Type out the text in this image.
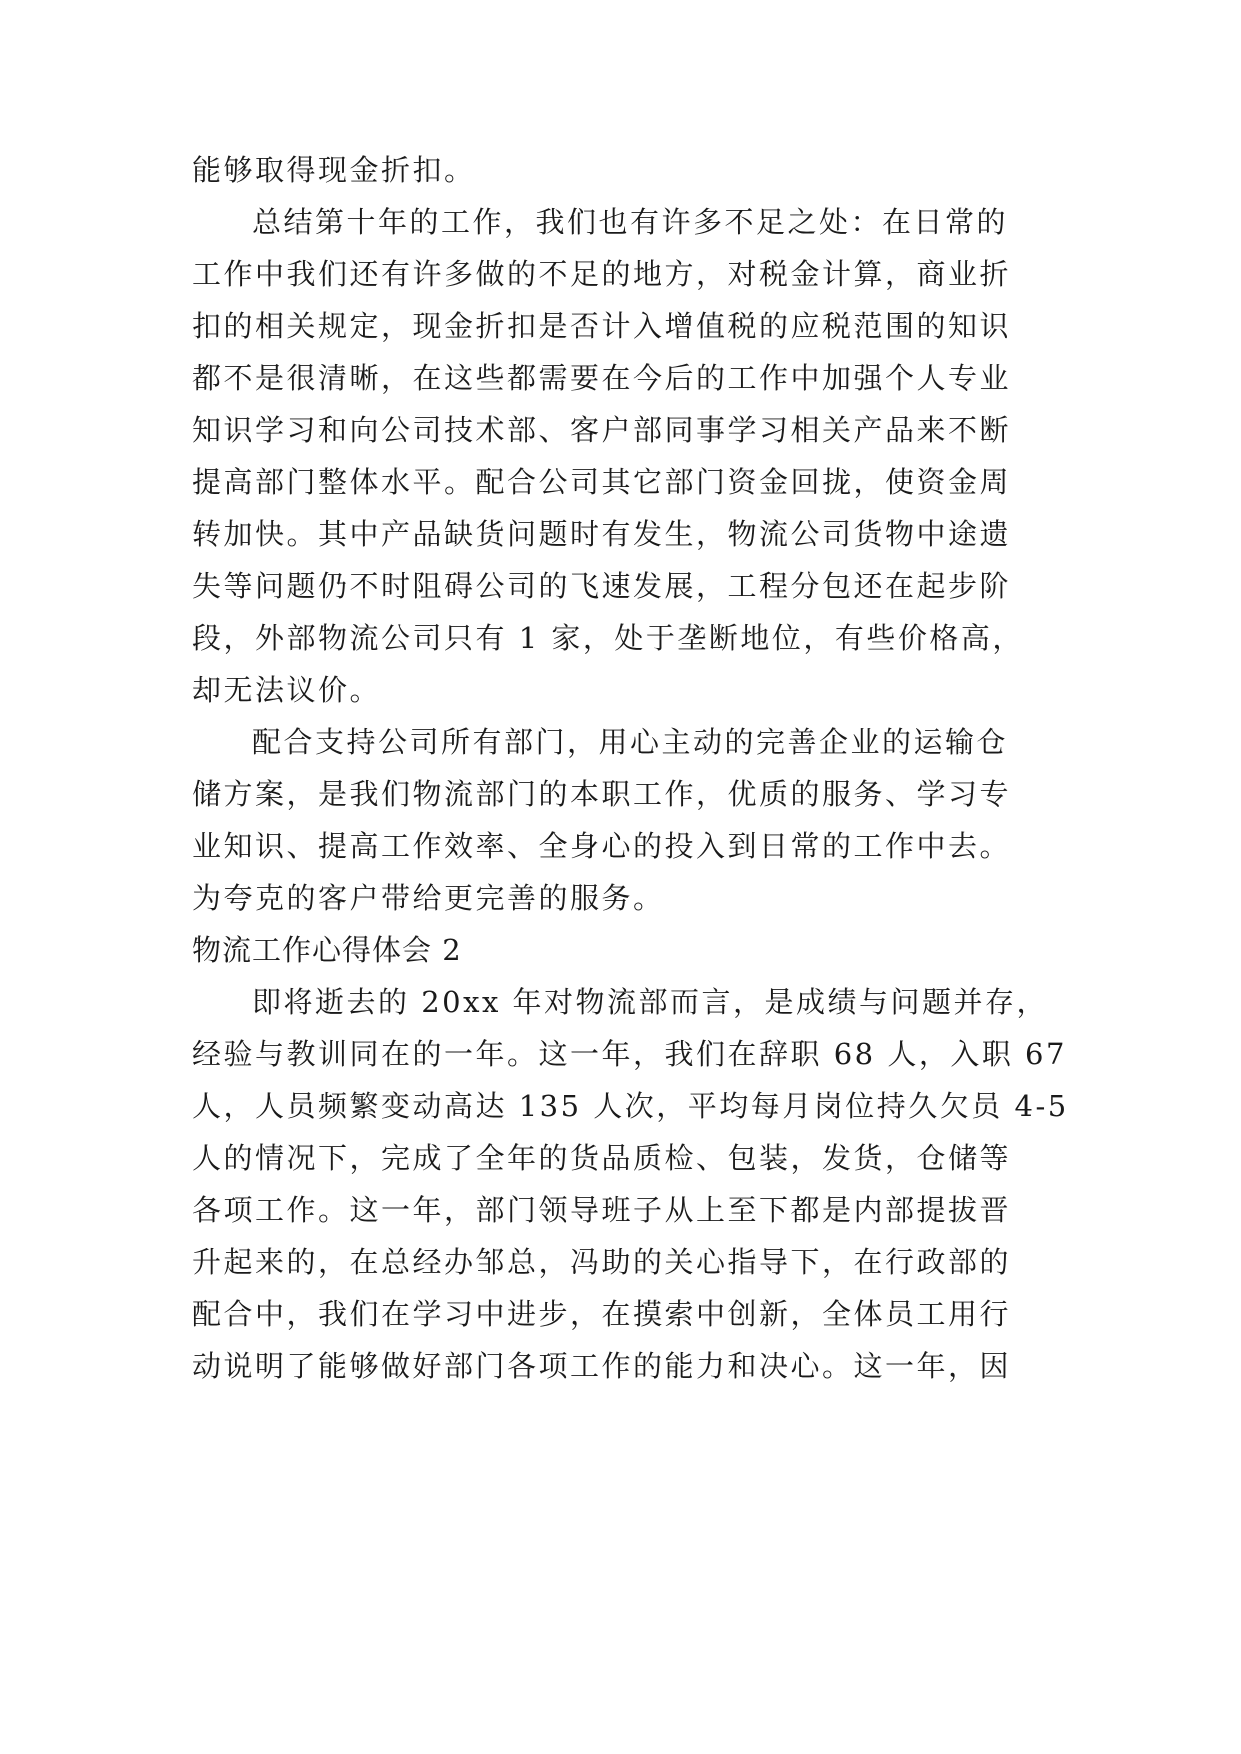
能够取得现金折扣。
总结第十年的工作，我们也有许多不足之处：在日常的
工作中我们还有许多做的不足的地方，对税金计算，商业折
扣的相关规定，现金折扣是否计入增值税的应税范围的知识
都不是很清晰，在这些都需要在今后的工作中加强个人专业
知识学习和向公司技术部、客户部同事学习相关产品来不断
提高部门整体水平。配合公司其它部门资金回拢，使资金周
转加快。其中产品缺货问题时有发生，物流公司货物中途遗
失等问题仍不时阻碍公司的飞速发展，工程分包还在起步阶
段，外部物流公司只有 1 家，处于垄断地位，有些价格高，
却无法议价。
配合支持公司所有部门，用心主动的完善企业的运输仓
储方案，是我们物流部门的本职工作，优质的服务、学习专
业知识、提高工作效率、全身心的投入到日常的工作中去。
为夸克的客户带给更完善的服务。
物流工作心得体会 2
即将逝去的 20xx 年对物流部而言，是成绩与问题并存，
经验与教训同在的一年。这一年，我们在辞职 68 人，入职 67
人，人员频繁变动高达 135 人次，平均每月岗位持久欠员 4-5
人的情况下，完成了全年的货品质检、包装，发货，仓储等
各项工作。这一年，部门领导班子从上至下都是内部提拔晋
升起来的，在总经办邹总，冯助的关心指导下，在行政部的
配合中，我们在学习中进步，在摸索中创新，全体员工用行
动说明了能够做好部门各项工作的能力和决心。这一年，因
